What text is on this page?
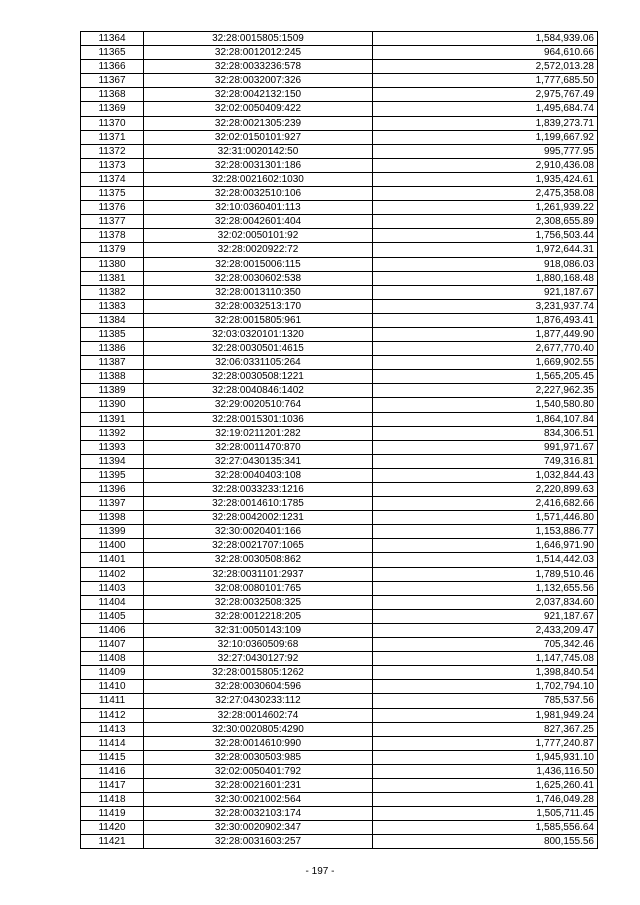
11364	32:28:0015805:1509	1,584,939.06
11365	32:28:0012012:245	964,610.66
11366	32:28:0033236:578	2,572,013.28
11367	32:28:0032007:326	1,777,685.50
11368	32:28:0042132:150	2,975,767.49
11369	32:02:0050409:422	1,495,684.74
11370	32:28:0021305:239	1,839,273.71
11371	32:02:0150101:927	1,199,667.92
11372	32:31:0020142:50	995,777.95
11373	32:28:0031301:186	2,910,436.08
11374	32:28:0021602:1030	1,935,424.61
11375	32:28:0032510:106	2,475,358.08
11376	32:10:0360401:113	1,261,939.22
11377	32:28:0042601:404	2,308,655.89
11378	32:02:0050101:92	1,756,503.44
11379	32:28:0020922:72	1,972,644.31
11380	32:28:0015006:115	918,086.03
11381	32:28:0030602:538	1,880,168.48
11382	32:28:0013110:350	921,187.67
11383	32:28:0032513:170	3,231,937.74
11384	32:28:0015805:961	1,876,493.41
11385	32:03:0320101:1320	1,877,449.90
11386	32:28:0030501:4615	2,677,770.40
11387	32:06:0331105:264	1,669,902.55
11388	32:28:0030508:1221	1,565,205.45
11389	32:28:0040846:1402	2,227,962.35
11390	32:29:0020510:764	1,540,580.80
11391	32:28:0015301:1036	1,864,107.84
11392	32:19:0211201:282	834,306.51
11393	32:28:0011470:870	991,971.67
11394	32:27:0430135:341	749,316.81
11395	32:28:0040403:108	1,032,844.43
11396	32:28:0033233:1216	2,220,899.63
11397	32:28:0014610:1785	2,416,682.66
11398	32:28:0042002:1231	1,571,446.80
11399	32:30:0020401:166	1,153,886.77
11400	32:28:0021707:1065	1,646,971.90
11401	32:28:0030508:862	1,514,442.03
11402	32:28:0031101:2937	1,789,510.46
11403	32:08:0080101:765	1,132,655.56
11404	32:28:0032508:325	2,037,834.60
11405	32:28:0012218:205	921,187.67
11406	32:31:0050143:109	2,433,209.47
11407	32:10:0360509:68	705,342.46
11408	32:27:0430127:92	1,147,745.08
11409	32:28:0015805:1262	1,398,840.54
11410	32:28:0030604:596	1,702,794.10
11411	32:27:0430233:112	785,537.56
11412	32:28:0014602:74	1,981,949.24
11413	32:30:0020805:4290	827,367.25
11414	32:28:0014610:990	1,777,240.87
11415	32:28:0030503:985	1,945,931.10
11416	32:02:0050401:792	1,436,116.50
11417	32:28:0021601:231	1,625,260.41
11418	32:30:0021002:564	1,746,049.28
11419	32:28:0032103:174	1,505,711.45
11420	32:30:0020902:347	1,585,556.64
11421	32:28:0031603:257	800,155.56
- 197 -
